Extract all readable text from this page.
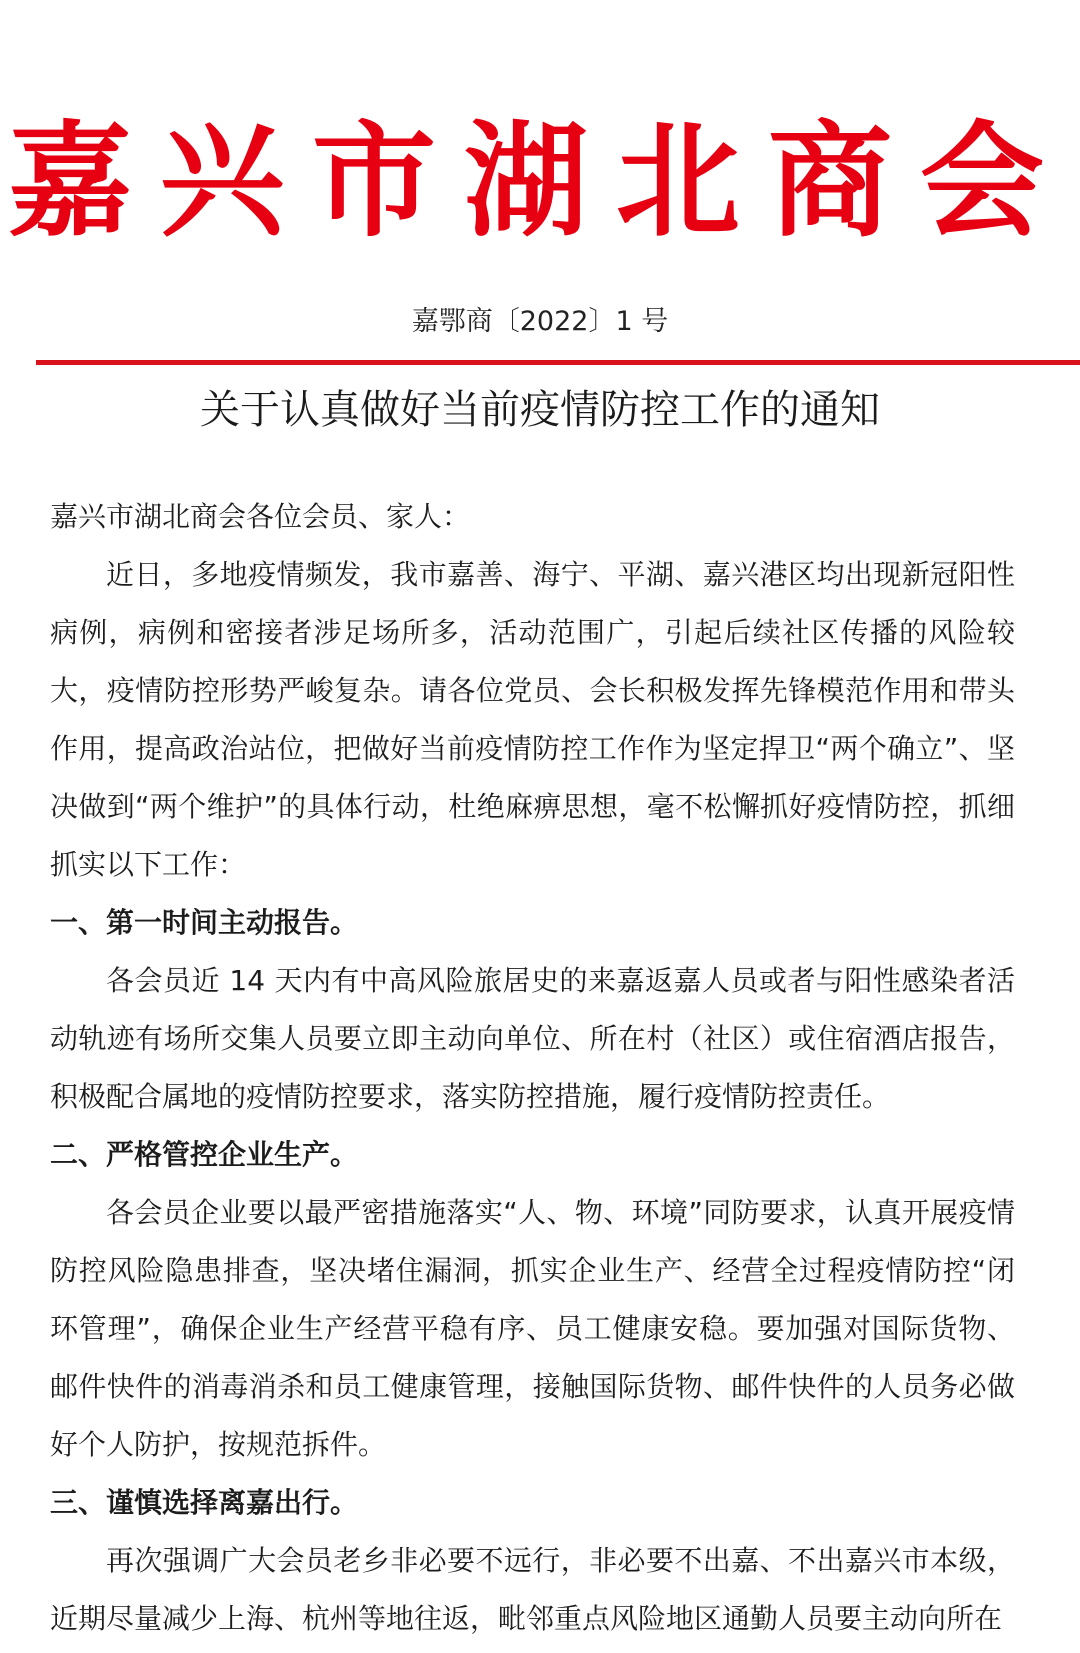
嘉兴市湖北商会
嘉鄂商〔2022〕1 号
关于认真做好当前疫情防控工作的通知

嘉兴市湖北商会各位会员、家人：

近日，多地疫情频发，我市嘉善、海宁、平湖、嘉兴港区均出现新冠阳性病例，病例和密接者涉足场所多，活动范围广，引起后续社区传播的风险较大，疫情防控形势严峻复杂。请各位党员、会长积极发挥先锋模范作用和带头作用，提高政治站位，把做好当前疫情防控工作作为坚定捍卫“两个确立”、坚决做到“两个维护”的具体行动，杜绝麻痹思想，毫不松懈抓好疫情防控，抓细抓实以下工作：

一、第一时间主动报告。

各会员近 14 天内有中高风险旅居史的来嘉返嘉人员或者与阳性感染者活动轨迹有场所交集人员要立即主动向单位、所在村（社区）或住宿酒店报告，积极配合属地的疫情防控要求，落实防控措施，履行疫情防控责任。

二、严格管控企业生产。

各会员企业要以最严密措施落实“人、物、环境”同防要求，认真开展疫情防控风险隐患排查，坚决堵住漏洞，抓实企业生产、经营全过程疫情防控“闭环管理”，确保企业生产经营平稳有序、员工健康安稳。要加强对国际货物、邮件快件的消毒消杀和员工健康管理，接触国际货物、邮件快件的人员务必做好个人防护，按规范拆件。

三、谨慎选择离嘉出行。

再次强调广大会员老乡非必要不远行，非必要不出嘉、不出嘉兴市本级，近期尽量减少上海、杭州等地往返，毗邻重点风险地区通勤人员要主动向所在
